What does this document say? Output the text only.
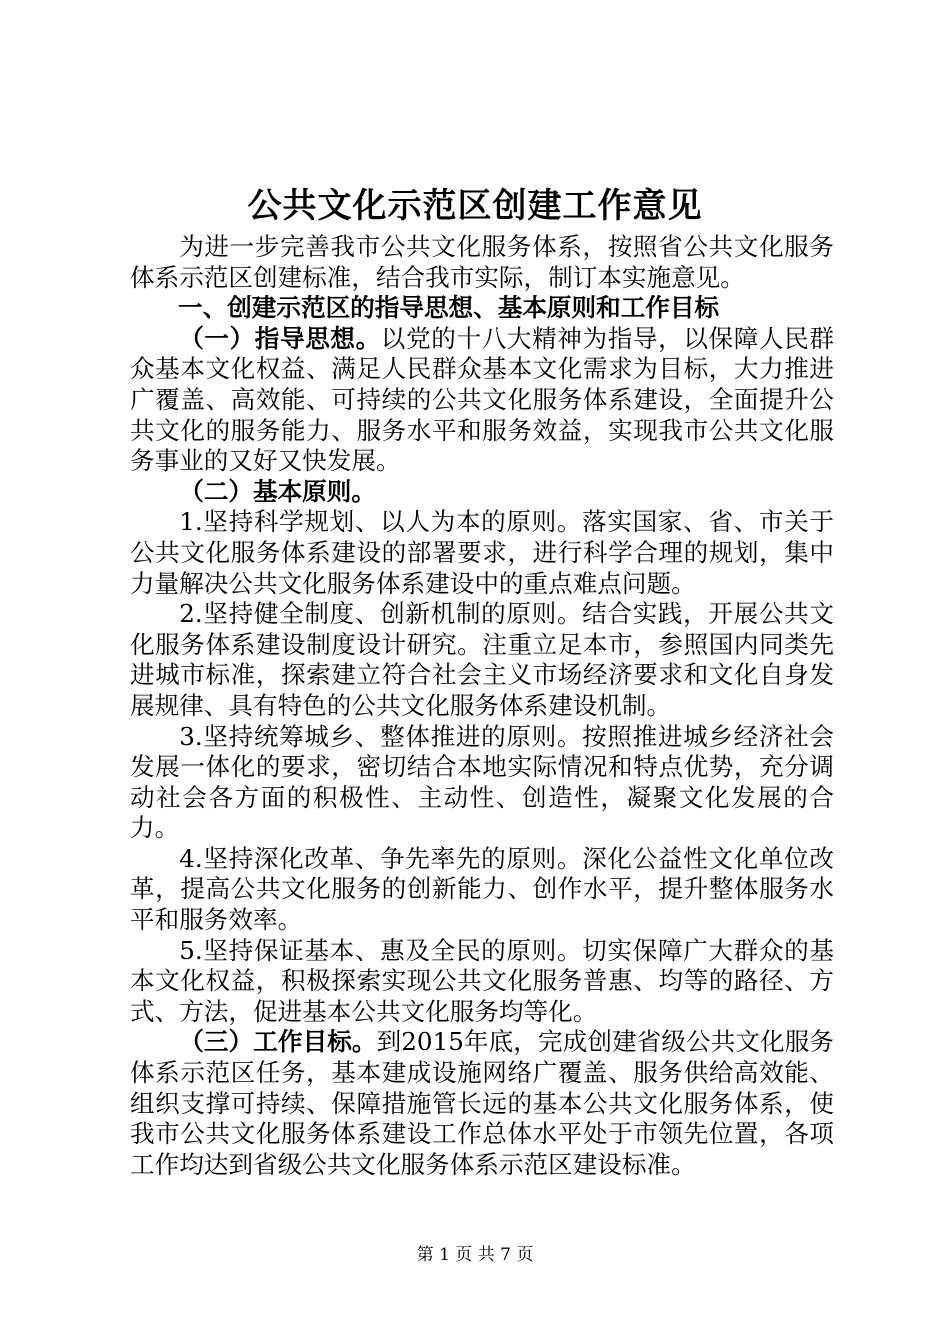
公共文化示范区创建工作意见

为进一步完善我市公共文化服务体系，按照省公共文化服务体系示范区创建标准，结合我市实际，制订本实施意见。

一、创建示范区的指导思想、基本原则和工作目标

（一）指导思想。以党的十八大精神为指导，以保障人民群众基本文化权益、满足人民群众基本文化需求为目标，大力推进广覆盖、高效能、可持续的公共文化服务体系建设，全面提升公共文化的服务能力、服务水平和服务效益，实现我市公共文化服务事业的又好又快发展。

（二）基本原则。

1.坚持科学规划、以人为本的原则。落实国家、省、市关于公共文化服务体系建设的部署要求，进行科学合理的规划，集中力量解决公共文化服务体系建设中的重点难点问题。

2.坚持健全制度、创新机制的原则。结合实践，开展公共文化服务体系建设制度设计研究。注重立足本市，参照国内同类先进城市标准，探索建立符合社会主义市场经济要求和文化自身发展规律、具有特色的公共文化服务体系建设机制。

3.坚持统筹城乡、整体推进的原则。按照推进城乡经济社会发展一体化的要求，密切结合本地实际情况和特点优势，充分调动社会各方面的积极性、主动性、创造性，凝聚文化发展的合力。

4.坚持深化改革、争先率先的原则。深化公益性文化单位改革，提高公共文化服务的创新能力、创作水平，提升整体服务水平和服务效率。

5.坚持保证基本、惠及全民的原则。切实保障广大群众的基本文化权益，积极探索实现公共文化服务普惠、均等的路径、方式、方法，促进基本公共文化服务均等化。

（三）工作目标。到2015年底，完成创建省级公共文化服务体系示范区任务，基本建成设施网络广覆盖、服务供给高效能、组织支撑可持续、保障措施管长远的基本公共文化服务体系，使我市公共文化服务体系建设工作总体水平处于市领先位置，各项工作均达到省级公共文化服务体系示范区建设标准。

第 1 页 共 7 页
